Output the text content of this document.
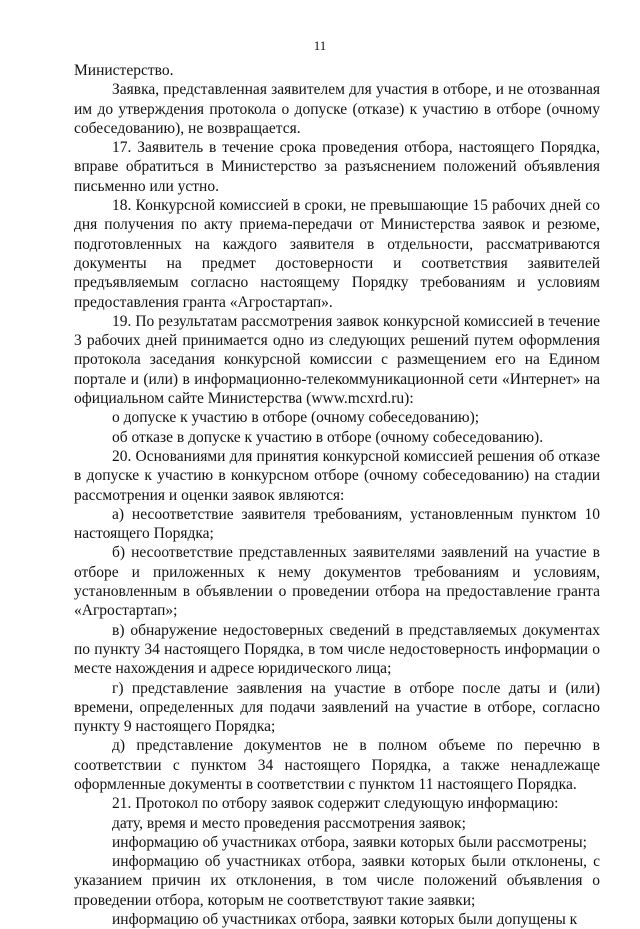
11

Министерство.

Заявка, представленная заявителем для участия в отборе, и не отозванная им до утверждения протокола о допуске (отказе) к участию в отборе (очному собеседованию), не возвращается.

17. Заявитель в течение срока проведения отбора, настоящего Порядка, вправе обратиться в Министерство за разъяснением положений объявления письменно или устно.

18. Конкурсной комиссией в сроки, не превышающие 15 рабочих дней со дня получения по акту приема-передачи от Министерства заявок и резюме, подготовленных на каждого заявителя в отдельности, рассматриваются документы на предмет достоверности и соответствия заявителей предъявляемым согласно настоящему Порядку требованиям и условиям предоставления гранта «Агростартап».

19. По результатам рассмотрения заявок конкурсной комиссией в течение 3 рабочих дней принимается одно из следующих решений путем оформления протокола заседания конкурсной комиссии с размещением его на Едином портале и (или) в информационно-телекоммуникационной сети «Интернет» на официальном сайте Министерства (www.mcxrd.ru):

о допуске к участию в отборе (очному собеседованию);

об отказе в допуске к участию в отборе (очному собеседованию).

20. Основаниями для принятия конкурсной комиссией решения об отказе в допуске к участию в конкурсном отборе (очному собеседованию) на стадии рассмотрения и оценки заявок являются:

а) несоответствие заявителя требованиям, установленным пунктом 10 настоящего Порядка;

б) несоответствие представленных заявителями заявлений на участие в отборе и приложенных к нему документов требованиям и условиям, установленным в объявлении о проведении отбора на предоставление гранта «Агростартап»;

в) обнаружение недостоверных сведений в представляемых документах по пункту 34 настоящего Порядка, в том числе недостоверность информации о месте нахождения и адресе юридического лица;

г) представление заявления на участие в отборе после даты и (или) времени, определенных для подачи заявлений на участие в отборе, согласно пункту 9 настоящего Порядка;

д) представление документов не в полном объеме по перечню в соответствии с пунктом 34 настоящего Порядка, а также ненадлежаще оформленные документы в соответствии с пунктом 11 настоящего Порядка.

21. Протокол по отбору заявок содержит следующую информацию:

дату, время и место проведения рассмотрения заявок;

информацию об участниках отбора, заявки которых были рассмотрены;

информацию об участниках отбора, заявки которых были отклонены, с указанием причин их отклонения, в том числе положений объявления о проведении отбора, которым не соответствуют такие заявки;

информацию об участниках отбора, заявки которых были допущены к
